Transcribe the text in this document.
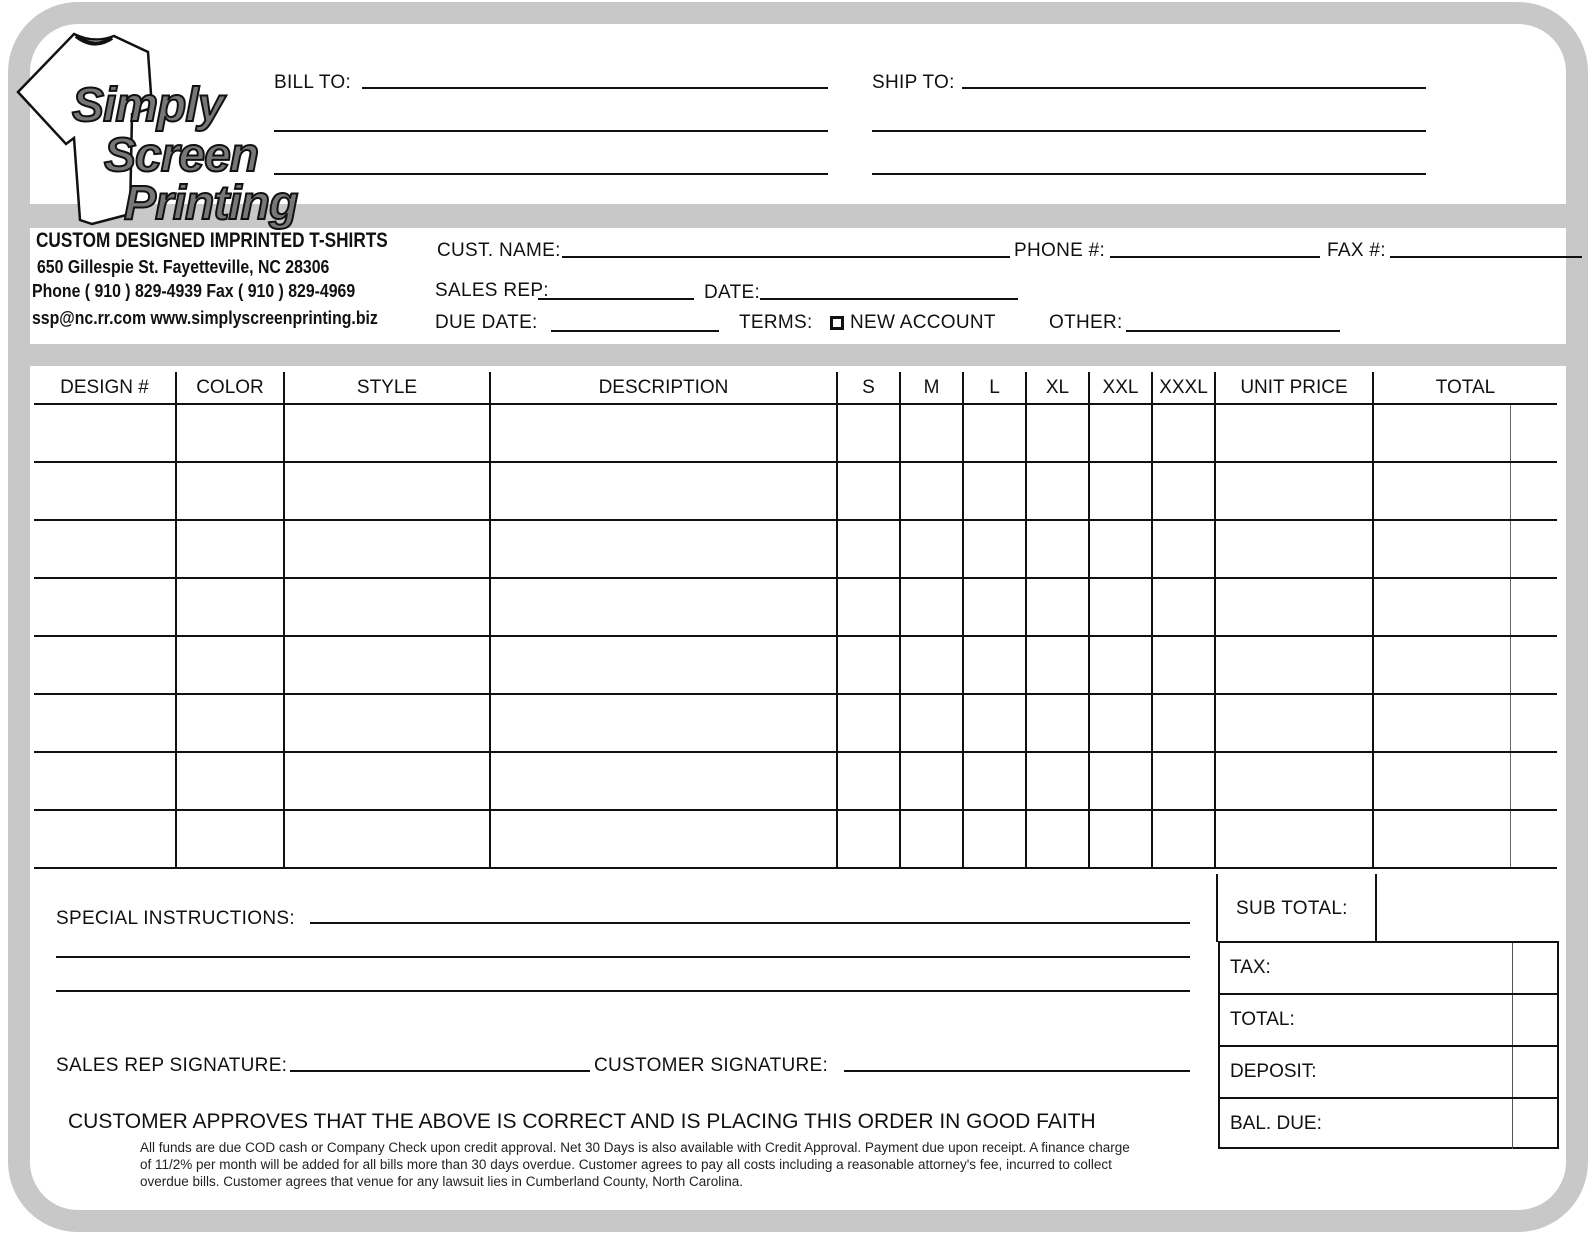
Simply
Screen
Printing
BILL TO:	SHIP TO:
CUSTOM DESIGNED IMPRINTED T-SHIRTS
650 Gillespie St. Fayetteville, NC 28306
Phone ( 910 ) 829-4939 Fax ( 910 ) 829-4969
ssp@nc.rr.com www.simplyscreenprinting.biz
CUST. NAME:	PHONE #:	FAX #:
SALES REP:	DATE:
DUE DATE:	TERMS:	NEW ACCOUNT	OTHER:
DESIGN #	COLOR	STYLE	DESCRIPTION	S	M	L	XL	XXL	XXXL	UNIT PRICE	TOTAL

SPECIAL INSTRUCTIONS:
SALES REP SIGNATURE:	CUSTOMER SIGNATURE:
CUSTOMER APPROVES THAT THE ABOVE IS CORRECT AND IS PLACING THIS ORDER IN GOOD FAITH
All funds are due COD cash or Company Check upon credit approval. Net 30 Days is also available with Credit Approval. Payment due upon receipt. A finance charge of 11/2% per month will be added for all bills more than 30 days overdue. Customer agrees to pay all costs including a reasonable attorney's fee, incurred to collect overdue bills. Customer agrees that venue for any lawsuit lies in Cumberland County, North Carolina.
SUB TOTAL:
TAX:
TOTAL:
DEPOSIT:
BAL. DUE:
